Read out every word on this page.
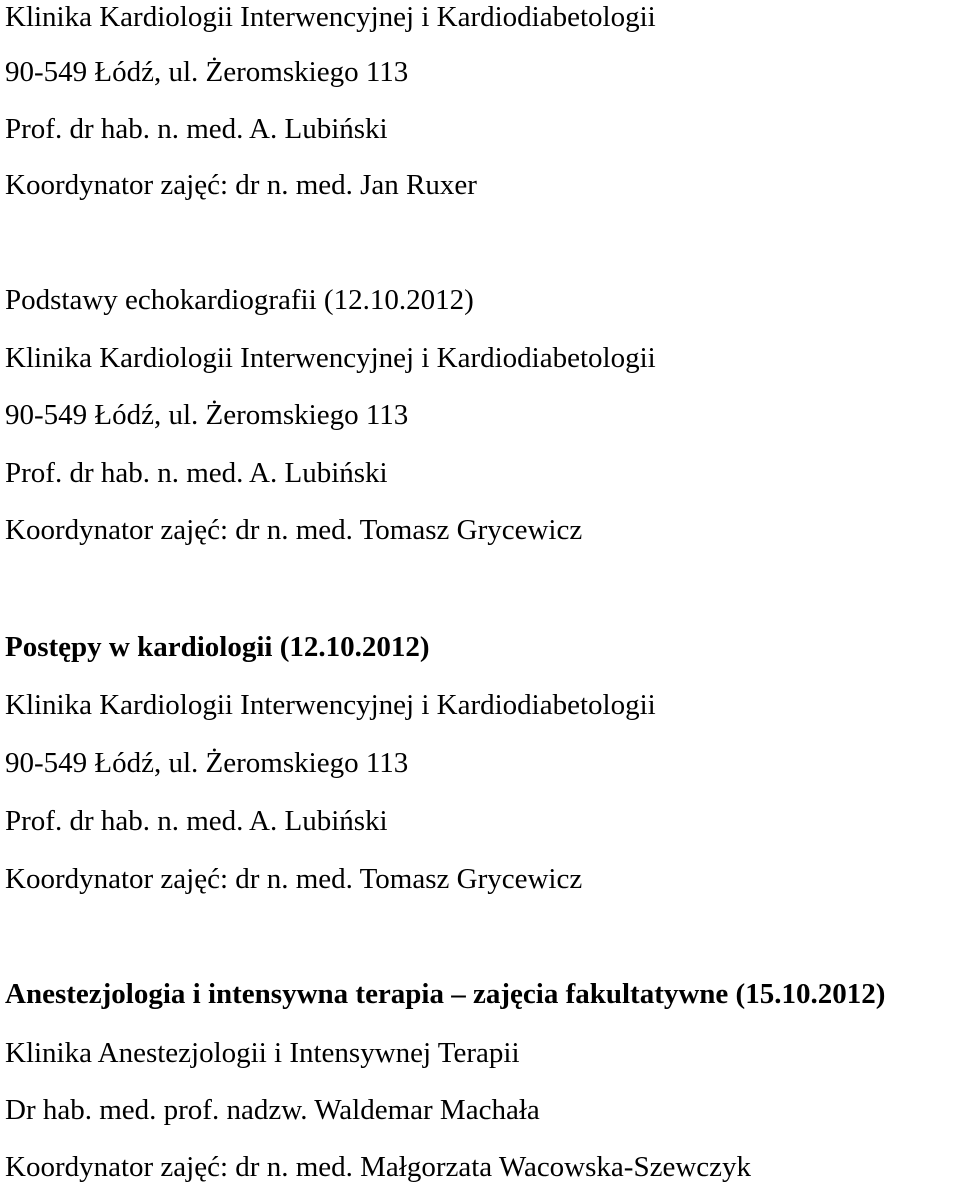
Klinika Kardiologii Interwencyjnej i Kardiodiabetologii
90-549 Łódź, ul. Żeromskiego 113
Prof. dr hab. n. med. A. Lubiński
Koordynator zajęć: dr n. med. Jan Ruxer
Podstawy echokardiografii (12.10.2012)
Klinika Kardiologii Interwencyjnej i Kardiodiabetologii
90-549 Łódź, ul. Żeromskiego 113
Prof. dr hab. n. med. A. Lubiński
Koordynator zajęć: dr n. med. Tomasz Grycewicz
Postępy w kardiologii (12.10.2012)
Klinika Kardiologii Interwencyjnej i Kardiodiabetologii
90-549 Łódź, ul. Żeromskiego 113
Prof. dr hab. n. med. A. Lubiński
Koordynator zajęć: dr n. med. Tomasz Grycewicz
Anestezjologia i intensywna terapia – zajęcia fakultatywne (15.10.2012)
Klinika Anestezjologii i Intensywnej Terapii
Dr hab. med. prof. nadzw. Waldemar Machała
Koordynator zajęć: dr n. med. Małgorzata Wacowska-Szewczyk
